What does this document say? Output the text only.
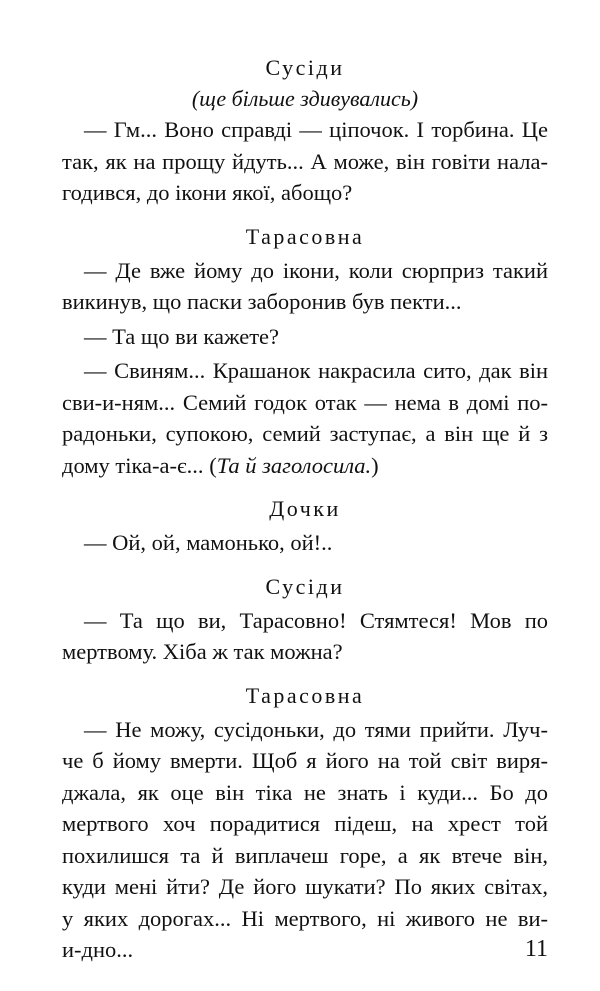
Сусіди

(ще більше здивувались)

— Гм... Воно справді — ціпочок. І торбина. Це

так, як на прощу йдуть... А може, він говіти нала-

годився, до ікони якої, абощо?

Тарасовна

— Де вже йому до ікони, коли сюрприз такий

викинув, що паски заборонив був пекти...

— Та що ви кажете?

— Свиням... Крашанок накрасила сито, дак він

сви-и-ням... Семий годок отак — нема в домі по-

радоньки, супокою, семий заступає, а він ще й з

дому тіка-а-є... (Та й заголосила.)

Дочки

— Ой, ой, мамонько, ой!..

Сусіди

— Та що ви, Тарасовно! Стямтеся! Мов по

мертвому. Хіба ж так можна?

Тарасовна

— Не можу, сусідоньки, до тями прийти. Луч-

че б йому вмерти. Щоб я його на той світ виря-

джала, як оце він тіка не знать і куди... Бо до

мертвого хоч порадитися підеш, на хрест той

похилишся та й виплачеш горе, а як втече він,

куди мені йти? Де його шукати? По яких світах,

у яких дорогах... Ні мертвого, ні живого не ви-

и-дно...	11
